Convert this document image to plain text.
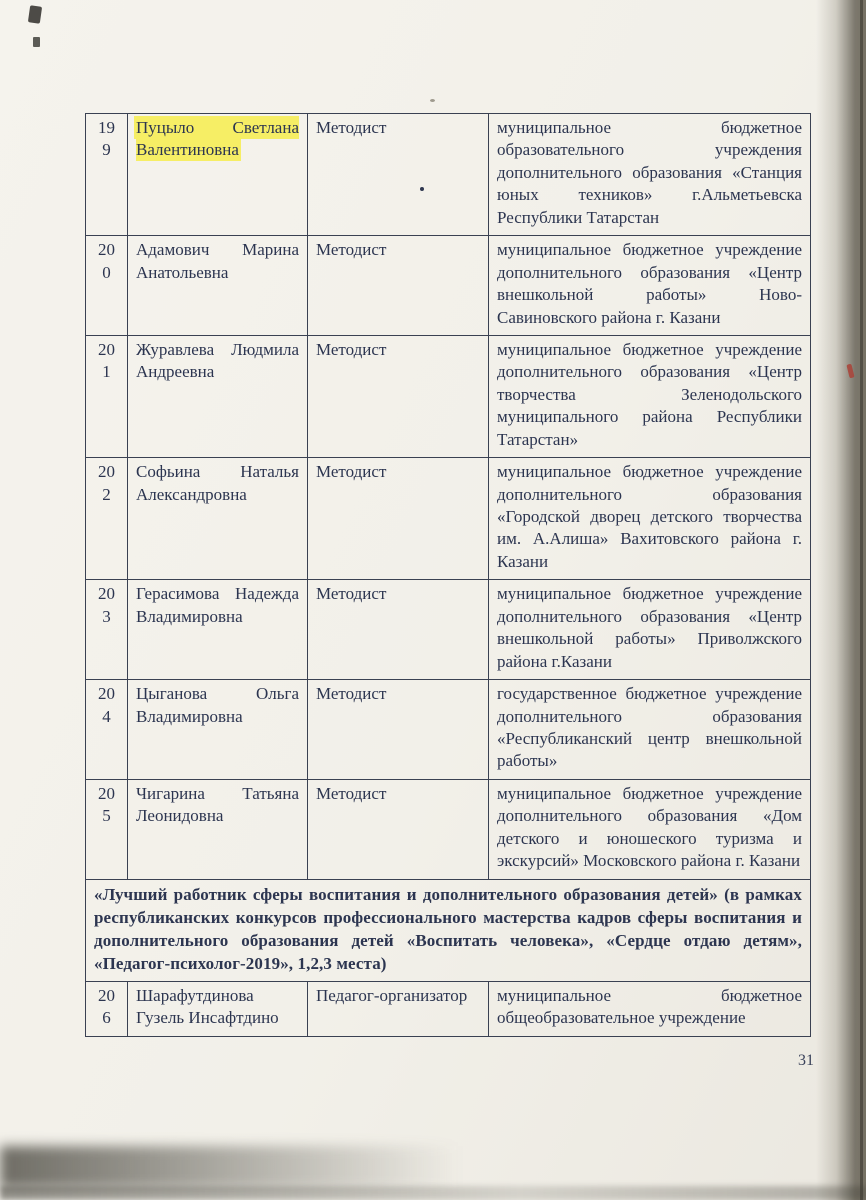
199	Пуцыло Светлана Валентиновна	Методист	муниципальное бюджетное образовательного учреждения дополнительного образования «Станция юных техников» г.Альметьевска Республики Татарстан
200	Адамович Марина Анатольевна	Методист	муниципальное бюджетное учреждение дополнительного образования «Центр внешкольной работы» Ново-Савиновского района г. Казани
201	Журавлева Людмила Андреевна	Методист	муниципальное бюджетное учреждение дополнительного образования «Центр творчества Зеленодольского муниципального района Республики Татарстан»
202	Софьина Наталья Александровна	Методист	муниципальное бюджетное учреждение дополнительного образования «Городской дворец детского творчества им. А.Алиша» Вахитовского района г. Казани
203	Герасимова Надежда Владимировна	Методист	муниципальное бюджетное учреждение дополнительного образования «Центр внешкольной работы» Приволжского района г.Казани
204	Цыганова Ольга Владимировна	Методист	государственное бюджетное учреждение дополнительного образования «Республиканский центр внешкольной работы»
205	Чигарина Татьяна Леонидовна	Методист	муниципальное бюджетное учреждение дополнительного образования «Дом детского и юношеского туризма и экскурсий» Московского района г. Казани
«Лучший работник сферы воспитания и дополнительного образования детей» (в рамках республиканских конкурсов профессионального мастерства кадров сферы воспитания и дополнительного образования детей «Воспитать человека», «Сердце отдаю детям», «Педагог-психолог-2019», 1,2,3 места)			
206	Шарафутдинова Гузель Инсафтдино	Педагог-организатор	муниципальное бюджетное общеобразовательное учреждение
31
